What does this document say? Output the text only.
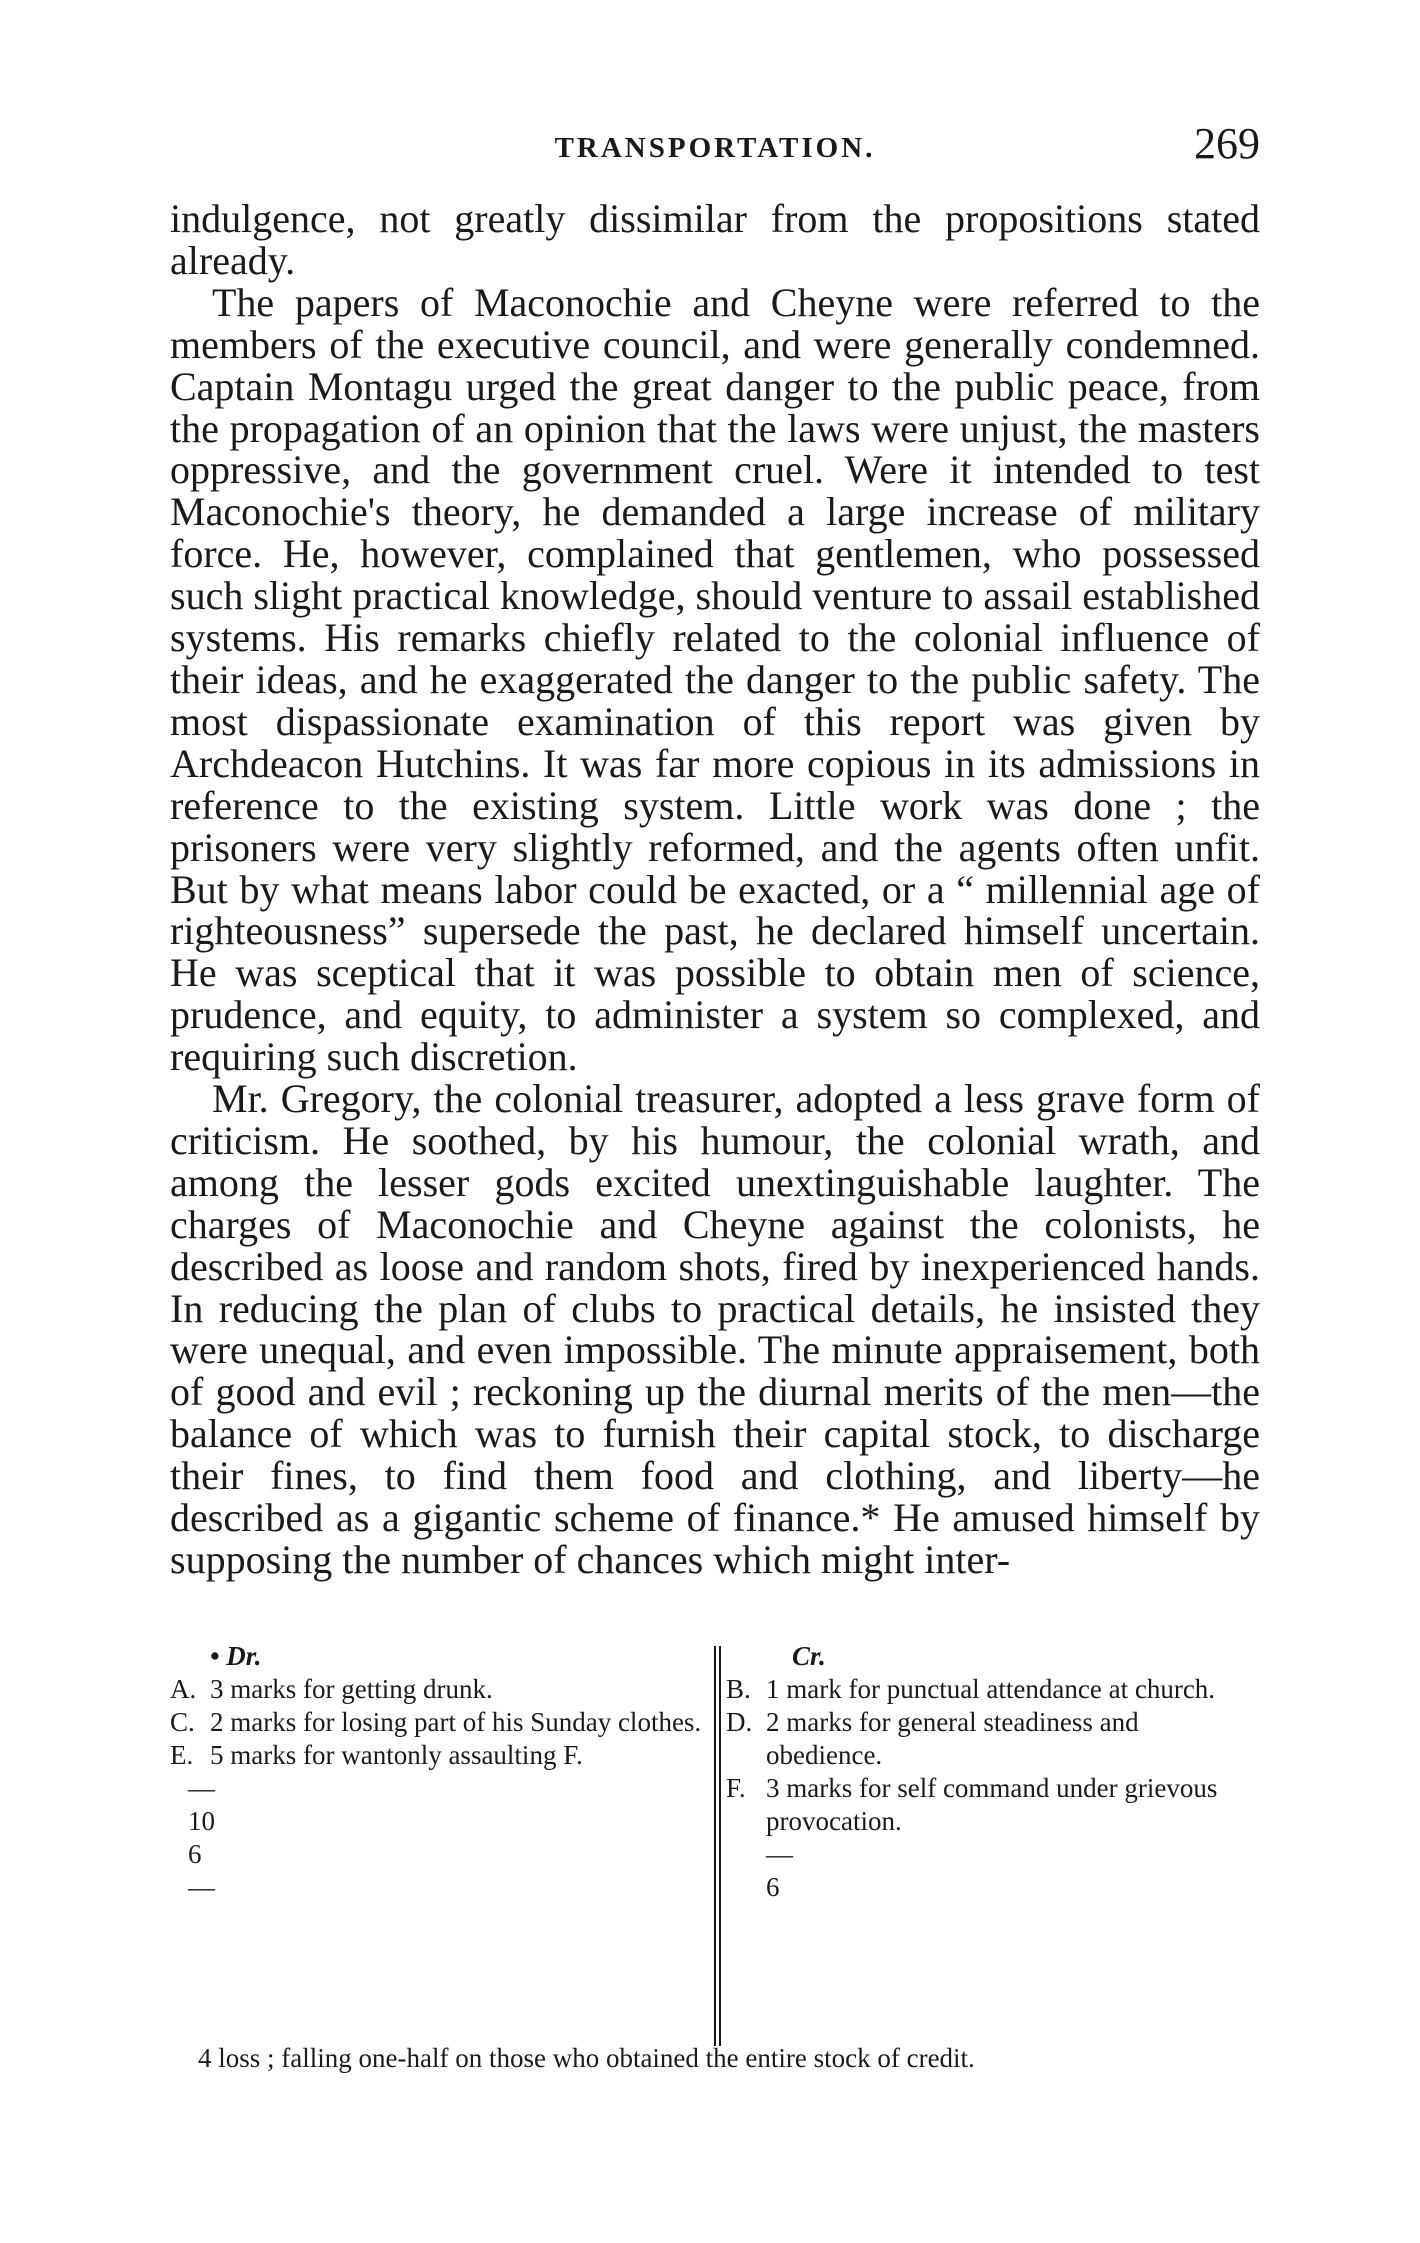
TRANSPORTATION.	269

indulgence, not greatly dissimilar from the propositions stated already.

The papers of Maconochie and Cheyne were referred to the members of the executive council, and were generally condemned. Captain Montagu urged the great danger to the public peace, from the propagation of an opinion that the laws were unjust, the masters oppressive, and the government cruel. Were it intended to test Maconochie's theory, he demanded a large increase of military force. He, however, complained that gentlemen, who possessed such slight practical knowledge, should venture to assail established systems. His remarks chiefly related to the colonial influence of their ideas, and he exaggerated the danger to the public safety. The most dispassionate examination of this report was given by Archdeacon Hutchins. It was far more copious in its admissions in reference to the existing system. Little work was done ; the prisoners were very slightly reformed, and the agents often unfit. But by what means labor could be exacted, or a “ millennial age of righteousness” supersede the past, he declared himself uncertain. He was sceptical that it was possible to obtain men of science, prudence, and equity, to administer a system so complexed, and requiring such discretion.

Mr. Gregory, the colonial treasurer, adopted a less grave form of criticism. He soothed, by his humour, the colonial wrath, and among the lesser gods excited unextinguishable laughter. The charges of Maconochie and Cheyne against the colonists, he described as loose and random shots, fired by inexperienced hands. In reducing the plan of clubs to practical details, he insisted they were unequal, and even impossible. The minute appraisement, both of good and evil ; reckoning up the diurnal merits of the men—the balance of which was to furnish their capital stock, to discharge their fines, to find them food and clothing, and liberty—he described as a gigantic scheme of finance.* He amused himself by supposing the number of chances which might inter-

• Dr.
A. 3 marks for getting drunk.
C. 2 marks for losing part of his Sunday clothes.
E. 5 marks for wantonly assaulting F.
—
10
6
—
Cr.
B. 1 mark for punctual attendance at church.
D. 2 marks for general steadiness and obedience.
F. 3 marks for self command under grievous provocation.
—
6
4 loss ; falling one-half on those who obtained the entire stock of credit.
